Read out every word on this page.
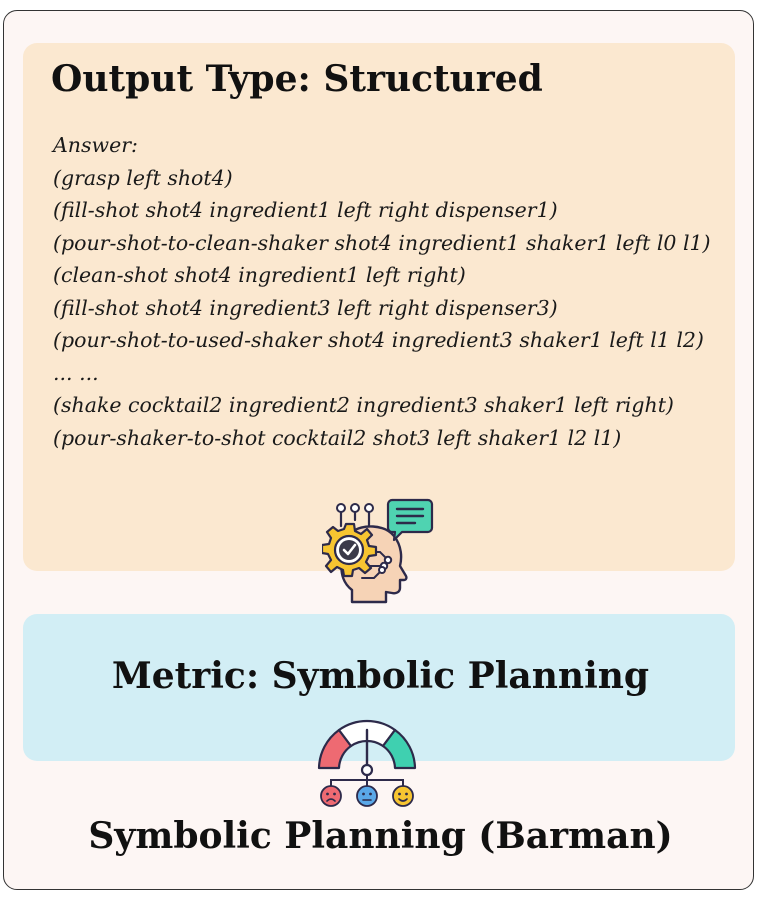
Output Type: Structured
Answer:
(grasp left shot4)
(fill-shot shot4 ingredient1 left right dispenser1)
(pour-shot-to-clean-shaker shot4 ingredient1 shaker1 left l0 l1)
(clean-shot shot4 ingredient1 left right)
(fill-shot shot4 ingredient3 left right dispenser3)
(pour-shot-to-used-shaker shot4 ingredient3 shaker1 left l1 l2)
... ...
(shake cocktail2 ingredient2 ingredient3 shaker1 left right)
(pour-shaker-to-shot cocktail2 shot3 left shaker1 l2 l1)
Metric: Symbolic Planning
Symbolic Planning (Barman)
